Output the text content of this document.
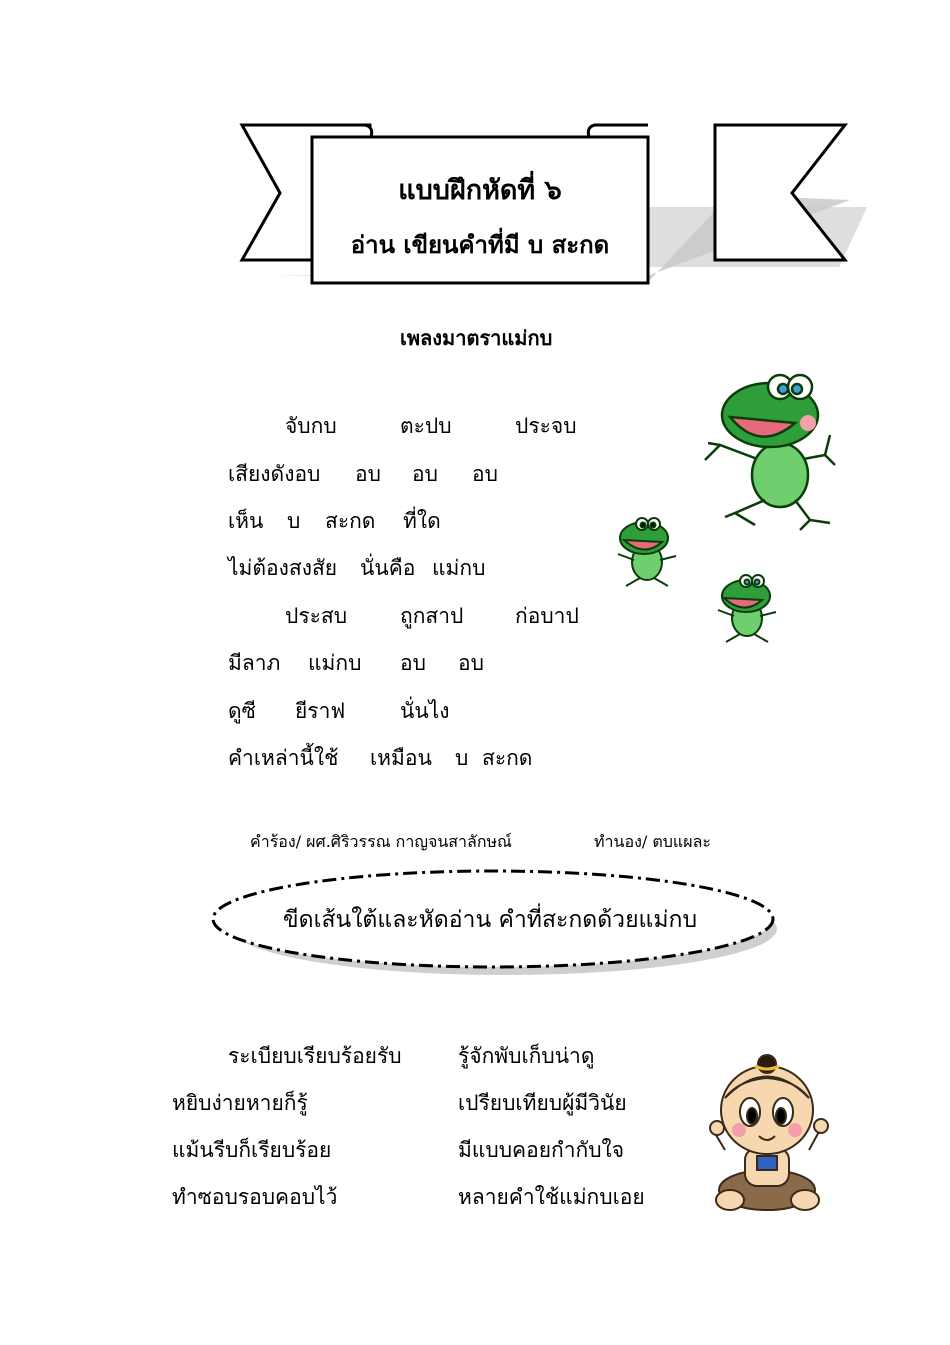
แบบฝึกหัดที่ ๖
อ่าน เขียนคำที่มี บ สะกด
เพลงมาตราแม่กบ
จับกบ	ตะปบ	ประจบ
เสียงดังอบ อบ อบ อบ
เห็น บ สะกด ที่ใด
ไม่ต้องสงสัย นั่นคือ แม่กบ
ประสบ	ถูกสาป ก่อบาป
มีลาภ แม่กบ อบ อบ
ดูซี ยีราฟ	นั่นไง
คำเหล่านี้ใช้ เหมือน บ สะกด
คำร้อง/ ผศ.ศิริวรรณ กาญจนสาลักษณ์	ทำนอง/ ตบแผละ
ขีดเส้นใต้และหัดอ่าน คำที่สะกดด้วยแม่กบ
ระเบียบเรียบร้อยรับ	รู้จักพับเก็บน่าดู
หยิบง่ายหายก็รู้	เปรียบเทียบผู้มีวินัย
แม้นรีบก็เรียบร้อย	มีแบบคอยกำกับใจ
ทำซอบรอบคอบไว้	หลายคำใช้แม่กบเอย
